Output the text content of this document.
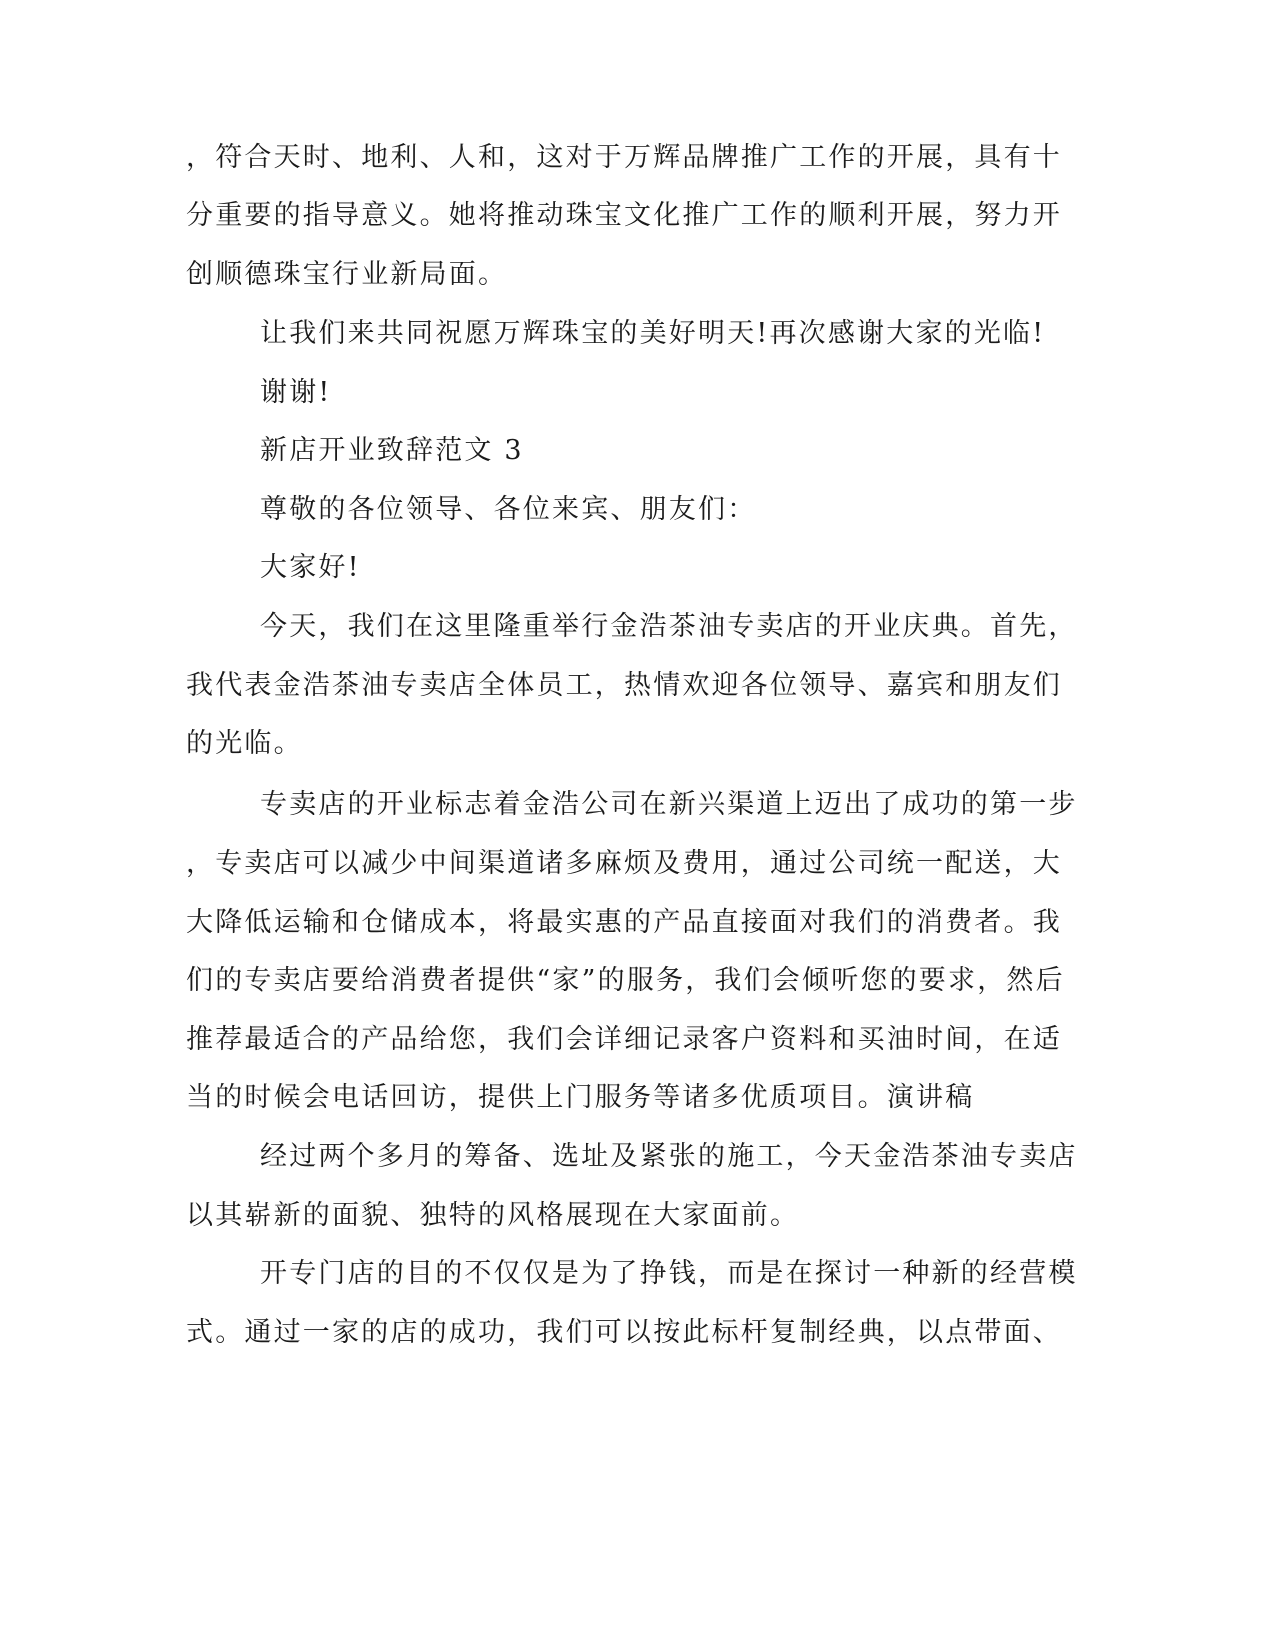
，符合天时、地利、人和，这对于万辉品牌推广工作的开展，具有十
分重要的指导意义。她将推动珠宝文化推广工作的顺利开展，努力开
创顺德珠宝行业新局面。
让我们来共同祝愿万辉珠宝的美好明天!再次感谢大家的光临!
谢谢!
新店开业致辞范文 3
尊敬的各位领导、各位来宾、朋友们：
大家好!
今天，我们在这里隆重举行金浩茶油专卖店的开业庆典。首先，
我代表金浩茶油专卖店全体员工，热情欢迎各位领导、嘉宾和朋友们
的光临。
专卖店的开业标志着金浩公司在新兴渠道上迈出了成功的第一步
，专卖店可以减少中间渠道诸多麻烦及费用，通过公司统一配送，大
大降低运输和仓储成本，将最实惠的产品直接面对我们的消费者。我
们的专卖店要给消费者提供“家”的服务，我们会倾听您的要求，然后
推荐最适合的产品给您，我们会详细记录客户资料和买油时间，在适
当的时候会电话回访，提供上门服务等诸多优质项目。演讲稿
经过两个多月的筹备、选址及紧张的施工，今天金浩茶油专卖店
以其崭新的面貌、独特的风格展现在大家面前。
开专门店的目的不仅仅是为了挣钱，而是在探讨一种新的经营模
式。通过一家的店的成功，我们可以按此标杆复制经典，以点带面、
